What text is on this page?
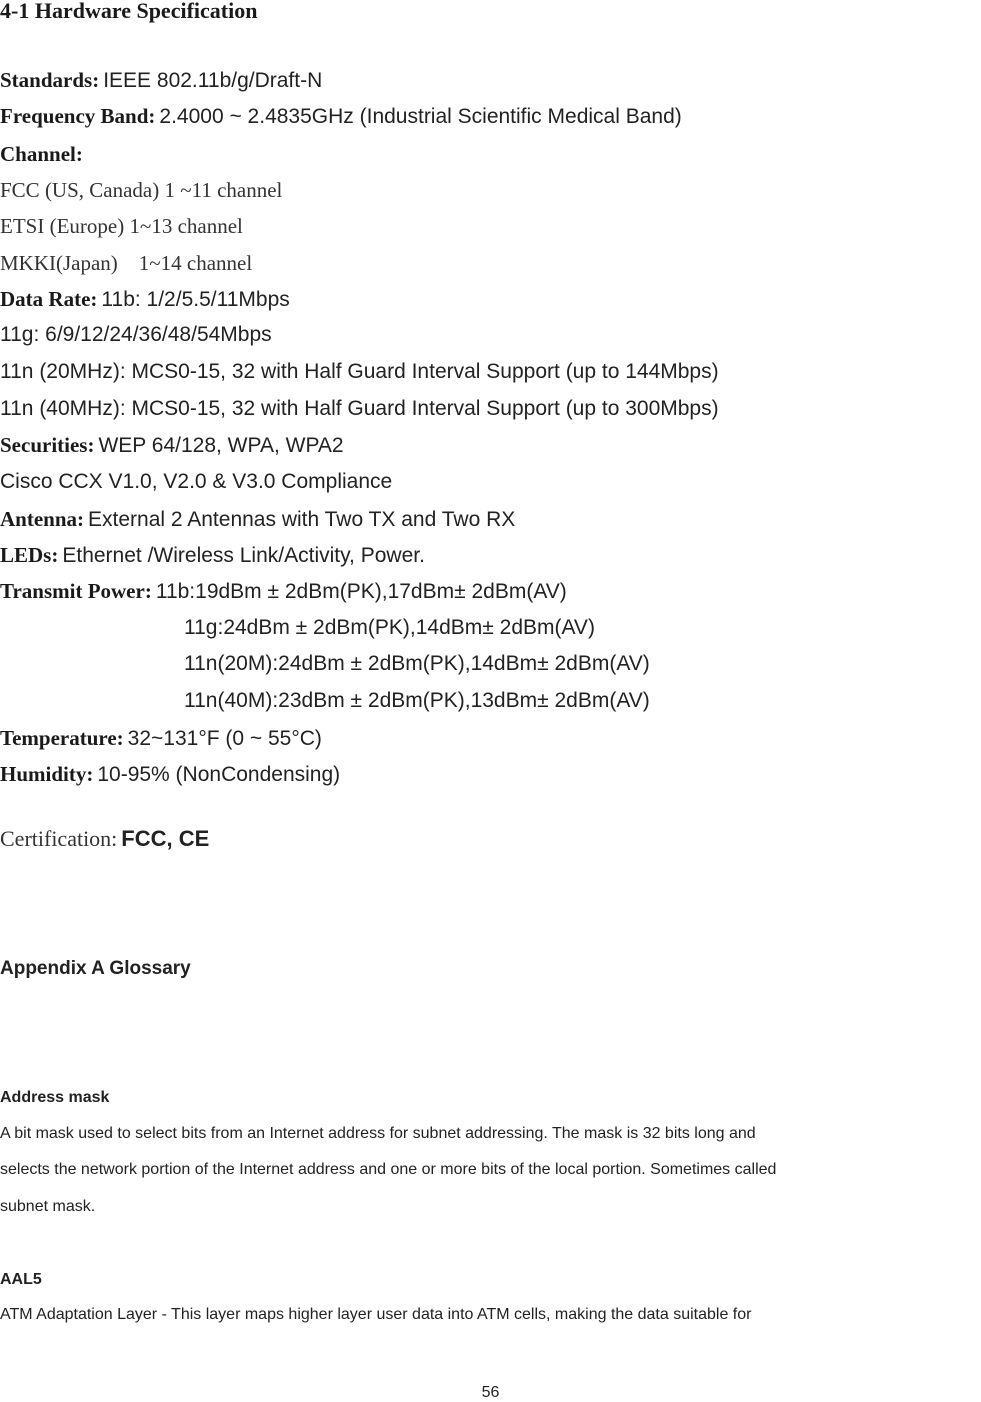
4-1 Hardware Specification
Standards: IEEE 802.11b/g/Draft-N
Frequency Band: 2.4000 ~ 2.4835GHz (Industrial Scientific Medical Band)
Channel:
FCC (US, Canada) 1 ~11 channel
ETSI (Europe) 1~13 channel
MKKI(Japan)    1~14 channel
Data Rate: 11b: 1/2/5.5/11Mbps
11g: 6/9/12/24/36/48/54Mbps
11n (20MHz): MCS0-15, 32 with Half Guard Interval Support (up to 144Mbps)
11n (40MHz): MCS0-15, 32 with Half Guard Interval Support (up to 300Mbps)
Securities: WEP 64/128, WPA, WPA2
Cisco CCX V1.0, V2.0 & V3.0 Compliance
Antenna: External 2 Antennas with Two TX and Two RX
LEDs: Ethernet /Wireless Link/Activity, Power.
Transmit Power: 11b:19dBm ± 2dBm(PK),17dBm± 2dBm(AV)
11g:24dBm ± 2dBm(PK),14dBm± 2dBm(AV)
11n(20M):24dBm ± 2dBm(PK),14dBm± 2dBm(AV)
11n(40M):23dBm ± 2dBm(PK),13dBm± 2dBm(AV)
Temperature: 32~131°F (0 ~ 55°C)
Humidity: 10-95% (NonCondensing)
Certification: FCC, CE
Appendix A Glossary
Address mask
A bit mask used to select bits from an Internet address for subnet addressing. The mask is 32 bits long and
selects the network portion of the Internet address and one or more bits of the local portion. Sometimes called
subnet mask.
AAL5
ATM Adaptation Layer - This layer maps higher layer user data into ATM cells, making the data suitable for
56
